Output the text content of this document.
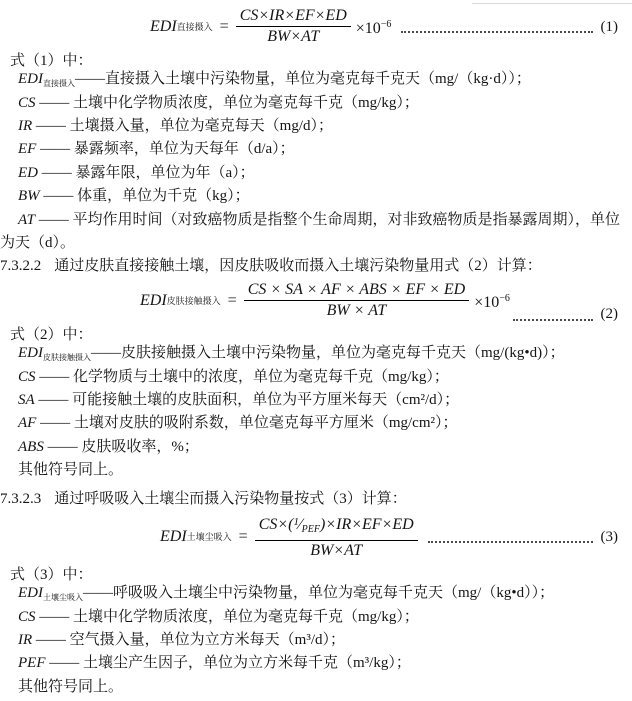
EDI 直接摄入 = $\frac{CS\times IR\times EF\times ED}{BW\times AT} \times 10^{-6}$	(1)
式（1）中：
$EDI_{直接摄入}——$直接摄入土壤中污染物量，单位为毫克每千克天（mg/（kg·d））；
CS —— 土壤中化学物质浓度，单位为毫克每千克（mg/kg）；
IR —— 土壤摄入量，单位为毫克每天（mg/d）；
EF —— 暴露频率，单位为天每年（d/a）；
ED —— 暴露年限，单位为年（a）；
BW —— 体重，单位为千克（kg）；
AT —— 平均作用时间（对致癌物质是指整个生命周期，对非致癌物质是指暴露周期），单位为天（d）。
7.3.2.2 通过皮肤直接接触土壤，因皮肤吸收而摄入土壤污染物量用式（2）计算：
EDI 皮肤接触摄入 = $\frac{\text{CS × SA × AF × ABS × EF × ED}}{BW \times AT} \times 10^{-6}$
(2)
式（2）中：
$EDI_{皮肤接触摄入}——$皮肤接触摄入土壤中污染物量，单位为毫克每千克天（mg/(kg•d)）；
CS —— 化学物质与土壤中的浓度，单位为毫克每千克（mg/kg）；
SA —— 可能接触土壤的皮肤面积，单位为平方厘米每天（cm²/d）；
AF —— 土壤对皮肤的吸附系数，单位毫克每平方厘米（mg/cm²）；
ABS —— 皮肤吸收率，%；
其他符号同上。
7.3.2.3 通过呼吸吸入土壤尘而摄入污染物量按式（3）计算：
EDI 土壤尘吸入 = $\frac{CS\times(^1⁄_{PEF})\times IR\times EF\times ED}{BW\times AT}$	(3)
式（3）中：
$EDI_{土壤尘吸入}——$呼吸吸入土壤尘中污染物量，单位为毫克每千克天（mg/（kg•d））；
CS —— 土壤中化学物质浓度，单位为毫克每千克（mg/kg）；
IR —— 空气摄入量，单位为立方米每天（m³/d）；
PEF —— 土壤尘产生因子，单位为立方米每千克（m³/kg）；
其他符号同上。
